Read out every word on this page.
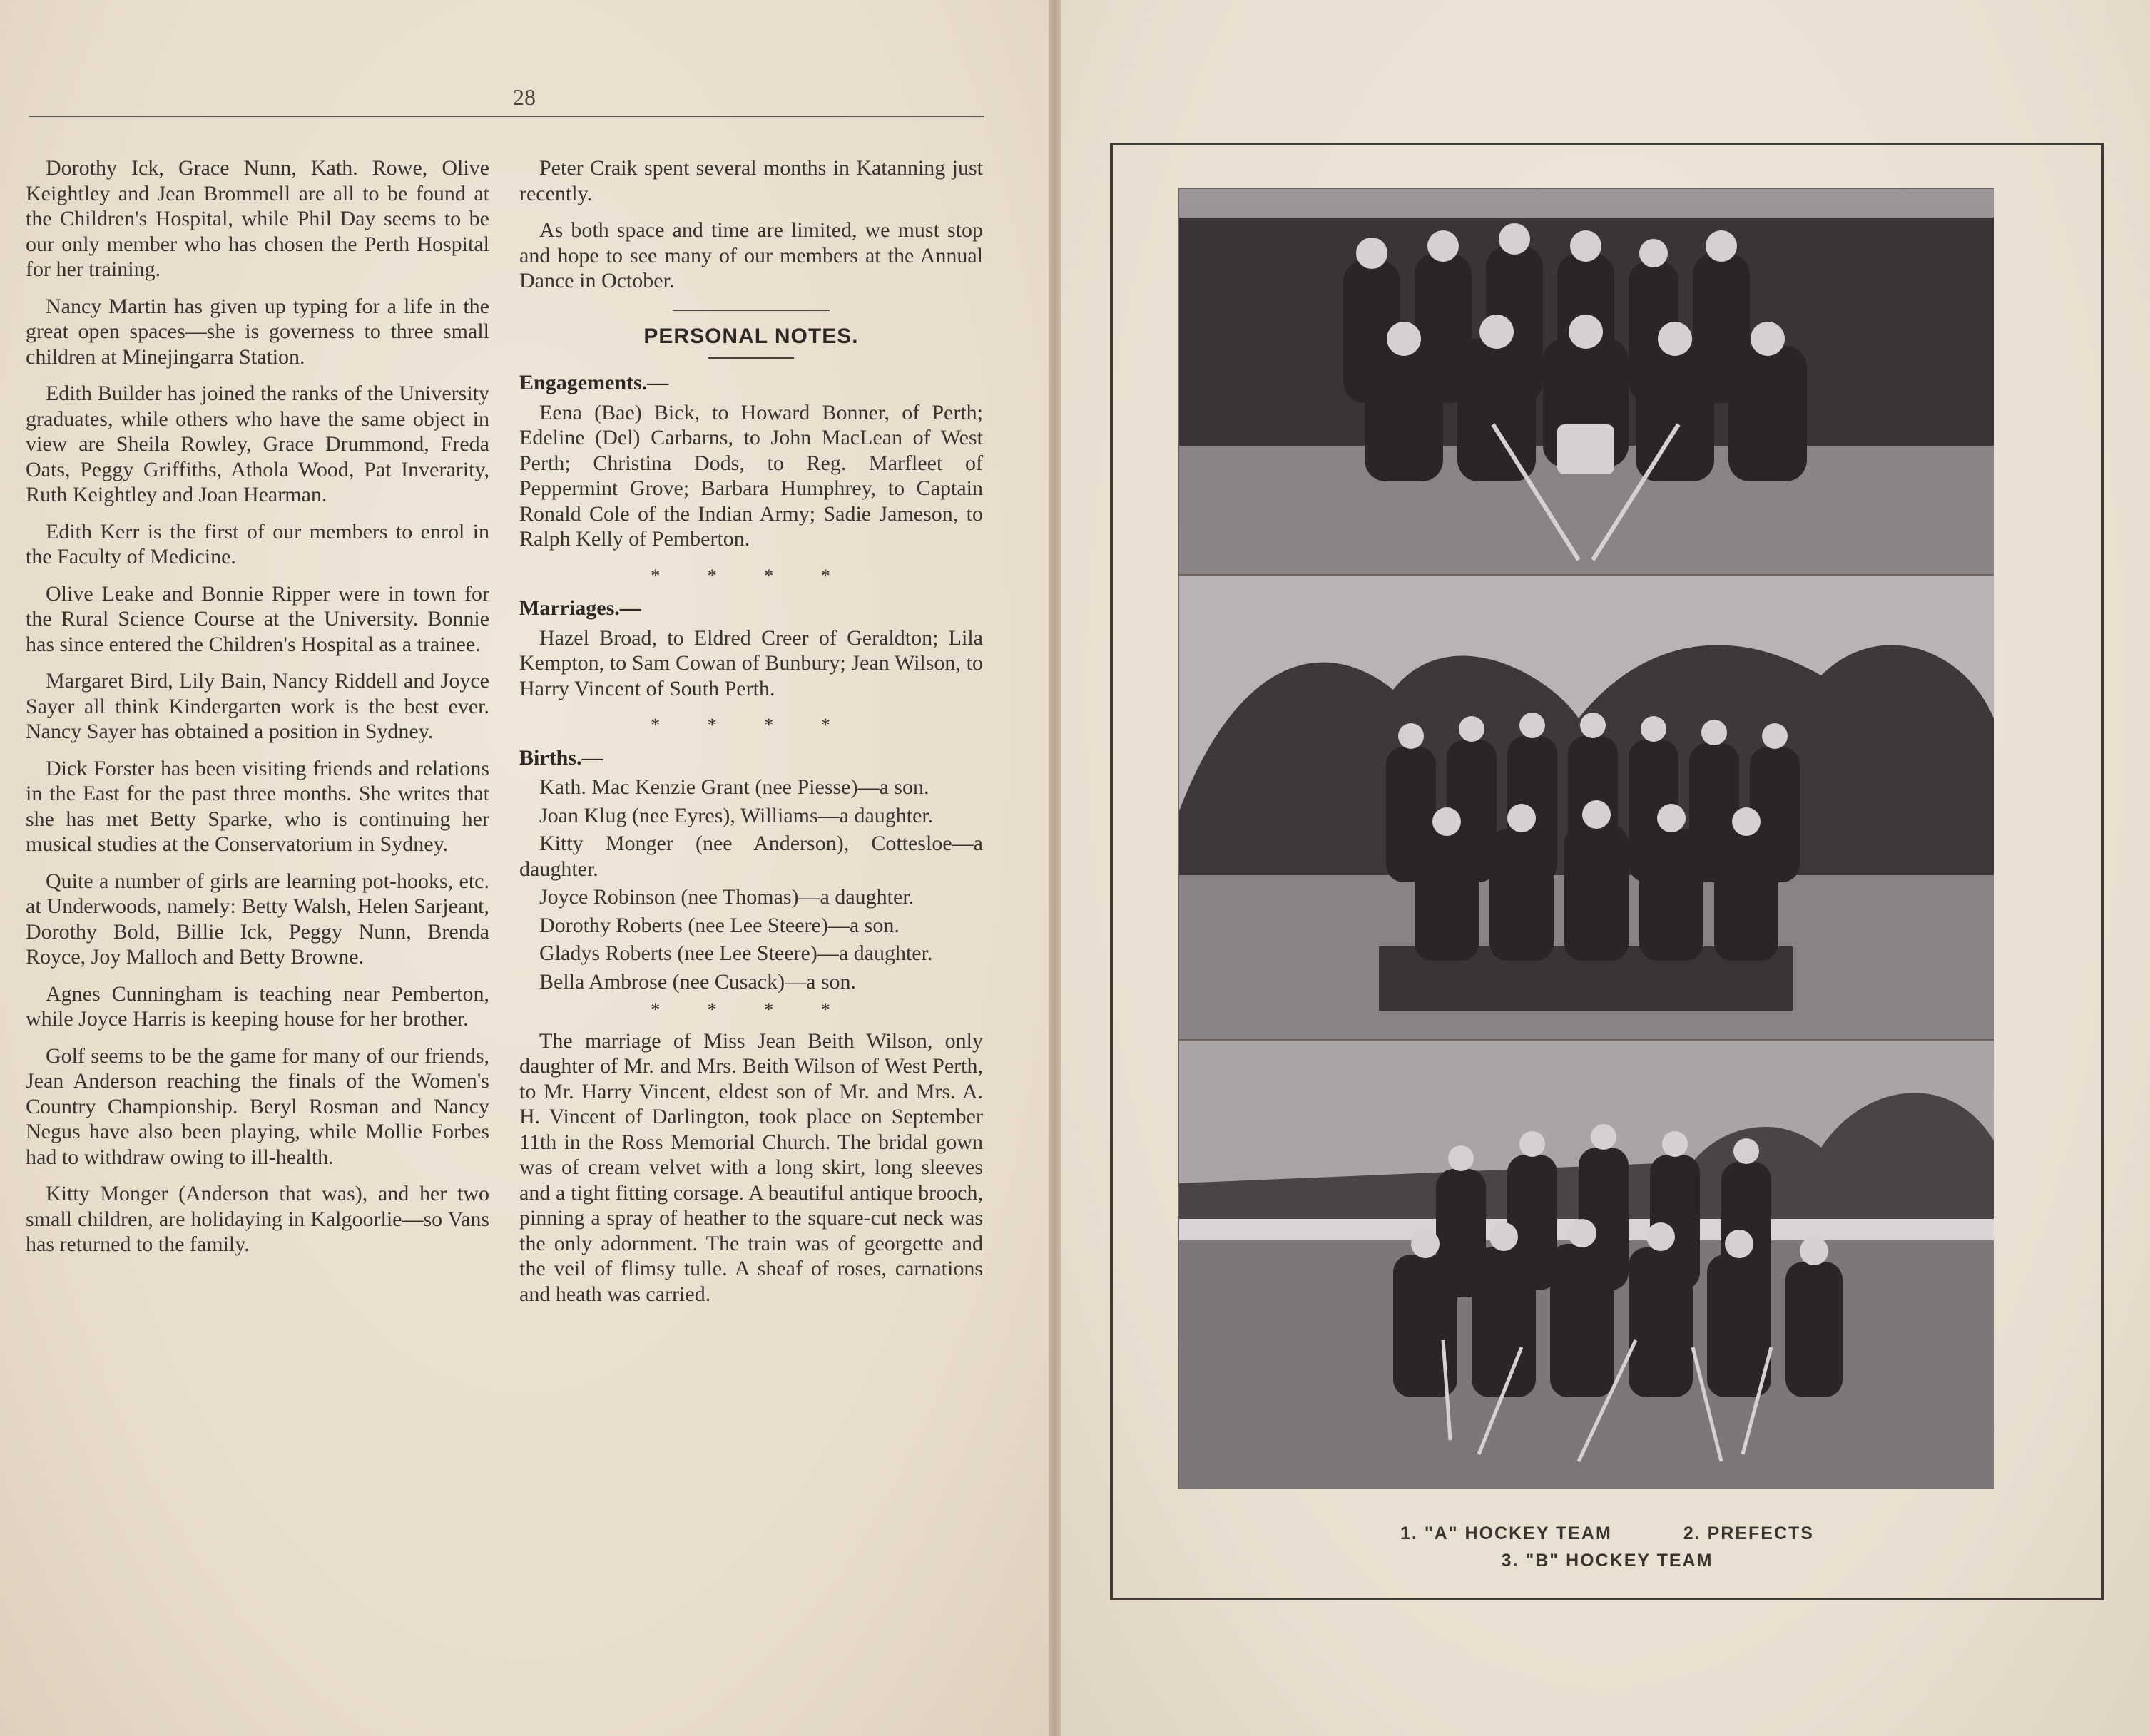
28

Dorothy Ick, Grace Nunn, Kath. Rowe, Olive Keightley and Jean Brommell are all to be found at the Children's Hospital, while Phil Day seems to be our only member who has chosen the Perth Hospital for her training.

Nancy Martin has given up typing for a life in the great open spaces—she is governess to three small children at Minejingarra Station.

Edith Builder has joined the ranks of the University graduates, while others who have the same object in view are Sheila Rowley, Grace Drummond, Freda Oats, Peggy Griffiths, Athola Wood, Pat Inverarity, Ruth Keightley and Joan Hearman.

Edith Kerr is the first of our members to enrol in the Faculty of Medicine.

Olive Leake and Bonnie Ripper were in town for the Rural Science Course at the University. Bonnie has since entered the Children's Hospital as a trainee.

Margaret Bird, Lily Bain, Nancy Riddell and Joyce Sayer all think Kindergarten work is the best ever. Nancy Sayer has obtained a position in Sydney.

Dick Forster has been visiting friends and relations in the East for the past three months. She writes that she has met Betty Sparke, who is continuing her musical studies at the Conservatorium in Sydney.

Quite a number of girls are learning pot-hooks, etc. at Underwoods, namely: Betty Walsh, Helen Sarjeant, Dorothy Bold, Billie Ick, Peggy Nunn, Brenda Royce, Joy Malloch and Betty Browne.

Agnes Cunningham is teaching near Pemberton, while Joyce Harris is keeping house for her brother.

Golf seems to be the game for many of our friends, Jean Anderson reaching the finals of the Women's Country Championship. Beryl Rosman and Nancy Negus have also been playing, while Mollie Forbes had to withdraw owing to ill-health.

Kitty Monger (Anderson that was), and her two small children, are holidaying in Kalgoorlie—so Vans has returned to the family.

Peter Craik spent several months in Katanning just recently.

As both space and time are limited, we must stop and hope to see many of our members at the Annual Dance in October.

PERSONAL NOTES.
Engagements.—

Eena (Bae) Bick, to Howard Bonner, of Perth; Edeline (Del) Carbarns, to John MacLean of West Perth; Christina Dods, to Reg. Marfleet of Peppermint Grove; Barbara Humphrey, to Captain Ronald Cole of the Indian Army; Sadie Jameson, to Ralph Kelly of Pemberton.

* * * *
Marriages.—

Hazel Broad, to Eldred Creer of Geraldton; Lila Kempton, to Sam Cowan of Bunbury; Jean Wilson, to Harry Vincent of South Perth.

* * * *
Births.—

Kath. Mac Kenzie Grant (nee Piesse)—a son.

Joan Klug (nee Eyres), Williams—a daughter.

Kitty Monger (nee Anderson), Cottesloe—a daughter.

Joyce Robinson (nee Thomas)—a daughter.

Dorothy Roberts (nee Lee Steere)—a son.

Gladys Roberts (nee Lee Steere)—a daughter.

Bella Ambrose (nee Cusack)—a son.

* * * *

The marriage of Miss Jean Beith Wilson, only daughter of Mr. and Mrs. Beith Wilson of West Perth, to Mr. Harry Vincent, eldest son of Mr. and Mrs. A. H. Vincent of Darlington, took place on September 11th in the Ross Memorial Church. The bridal gown was of cream velvet with a long skirt, long sleeves and a tight fitting corsage. A beautiful antique brooch, pinning a spray of heather to the square-cut neck was the only adornment. The train was of georgette and the veil of flimsy tulle. A sheaf of roses, carnations and heath was carried.

1. "A" HOCKEY TEAM	2. PREFECTS
3. "B" HOCKEY TEAM
